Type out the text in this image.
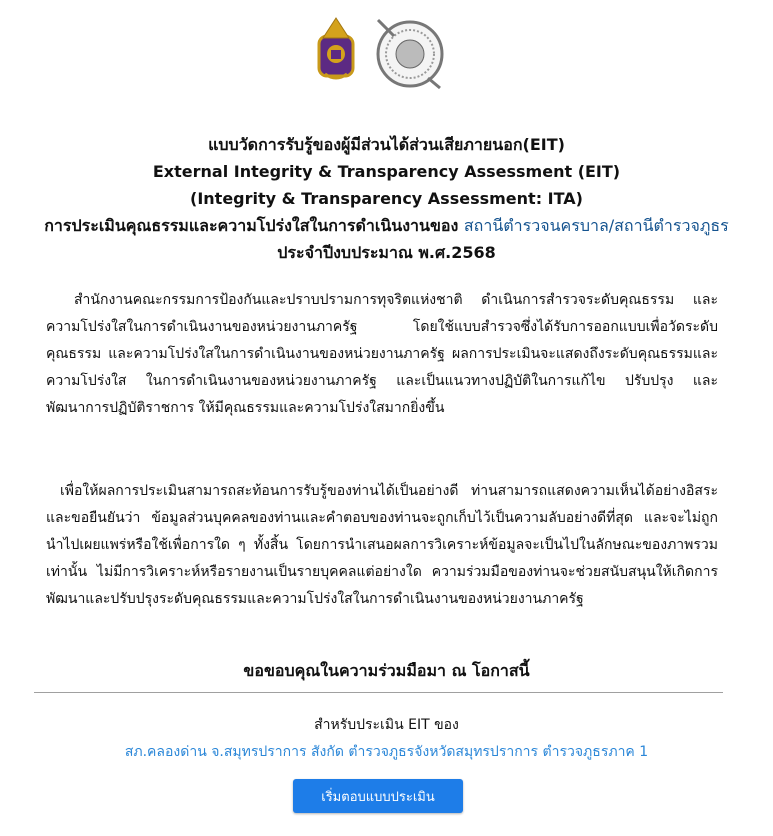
แบบวัดการรับรู้ของผู้มีส่วนได้ส่วนเสียภายนอก(EIT)
External Integrity & Transparency Assessment (EIT)
(Integrity & Transparency Assessment: ITA)
การประเมินคุณธรรมและความโปร่งใสในการดำเนินงานของ สถานีตำรวจนครบาล/สถานีตำรวจภูธรประจำปีงบประมาณ พ.ศ.2568
  สำนักงานคณะกรรมการป้องกันและปราบปรามการทุจริตแห่งชาติ ดำเนินการสำรวจระดับคุณธรรม และความโปร่งใสในการดำเนินงานของหน่วยงานภาครัฐ โดยใช้แบบสำรวจซึ่งได้รับการออกแบบเพื่อวัดระดับคุณธรรม และความโปร่งใสในการดำเนินงานของหน่วยงานภาครัฐ ผลการประเมินจะแสดงถึงระดับคุณธรรมและความโปร่งใส ในการดำเนินงานของหน่วยงานภาครัฐ และเป็นแนวทางปฏิบัติในการแก้ไข ปรับปรุง และพัฒนาการปฏิบัติราชการ ให้มีคุณธรรมและความโปร่งใสมากยิ่งขึ้น
 เพื่อให้ผลการประเมินสามารถสะท้อนการรับรู้ของท่านได้เป็นอย่างดี ท่านสามารถแสดงความเห็นได้อย่างอิสระ และขอยืนยันว่า ข้อมูลส่วนบุคคลของท่านและคำตอบของท่านจะถูกเก็บไว้เป็นความลับอย่างดีที่สุด และจะไม่ถูกนำไปเผยแพร่หรือใช้เพื่อการใด ๆ ทั้งสิ้น โดยการนำเสนอผลการวิเคราะห์ข้อมูลจะเป็นไปในลักษณะของภาพรวมเท่านั้น ไม่มีการวิเคราะห์หรือรายงานเป็นรายบุคคลแต่อย่างใด ความร่วมมือของท่านจะช่วยสนับสนุนให้เกิดการพัฒนาและปรับปรุงระดับคุณธรรมและความโปร่งใสในการดำเนินงานของหน่วยงานภาครัฐ
ขอขอบคุณในความร่วมมือมา ณ โอกาสนี้
สำหรับประเมิน EIT ของ
สภ.คลองด่าน จ.สมุทรปราการ สังกัด ตำรวจภูธรจังหวัดสมุทรปราการ ตำรวจภูธรภาค 1
เริ่มตอบแบบประเมิน
